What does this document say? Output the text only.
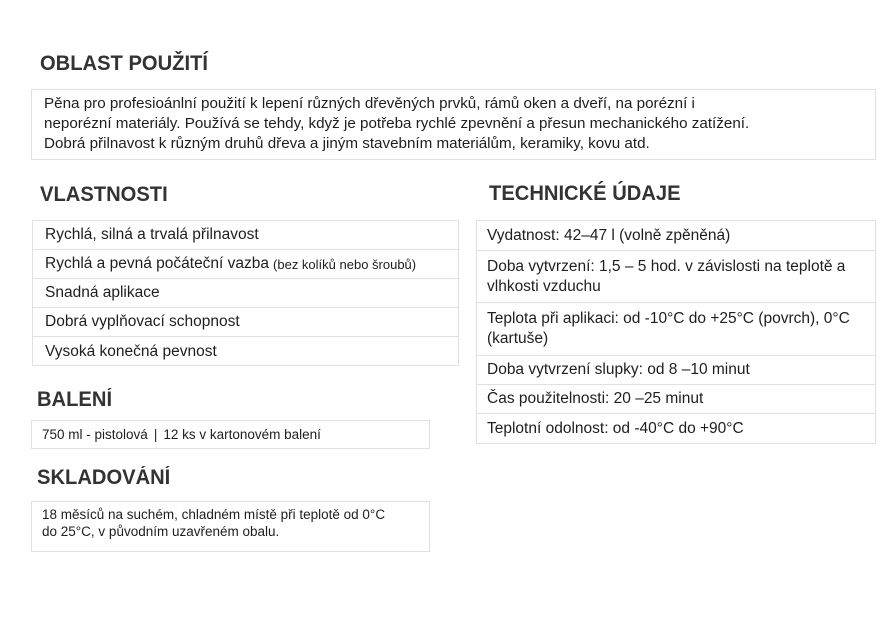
OBLAST POUŽITÍ
Pěna pro profesioánlní použití k lepení různých dřevěných prvků, rámů oken a dveří, na porézní i
neporézní materiály. Používá se tehdy, když je potřeba rychlé zpevnění a přesun mechanického zatížení.
Dobrá přilnavost k různým druhů dřeva a jiným stavebním materiálům, keramiky, kovu atd.
VLASTNOSTI
Rychlá, silná a trvalá přilnavost
Rychlá a pevná počáteční vazba (bez kolíků nebo šroubů)
Snadná aplikace
Dobrá vyplňovací schopnost
Vysoká konečná pevnost
BALENÍ
750 ml - pistolová | 12 ks v kartonovém balení
SKLADOVÁNÍ
18 měsíců na suchém, chladném místě při teplotě od 0°C
do 25°C, v původním uzavřeném obalu.
TECHNICKÉ ÚDAJE
Vydatnost: 42–47 l (volně zpěněná)
Doba vytvrzení: 1,5 – 5 hod. v závislosti na teplotě a vlhkosti vzduchu
Teplota při aplikaci: od -10°C do +25°C (povrch), 0°C (kartuše)
Doba vytvrzení slupky: od 8 –10 minut
Čas použitelnosti: 20 –25 minut
Teplotní odolnost: od -40°C do +90°C
